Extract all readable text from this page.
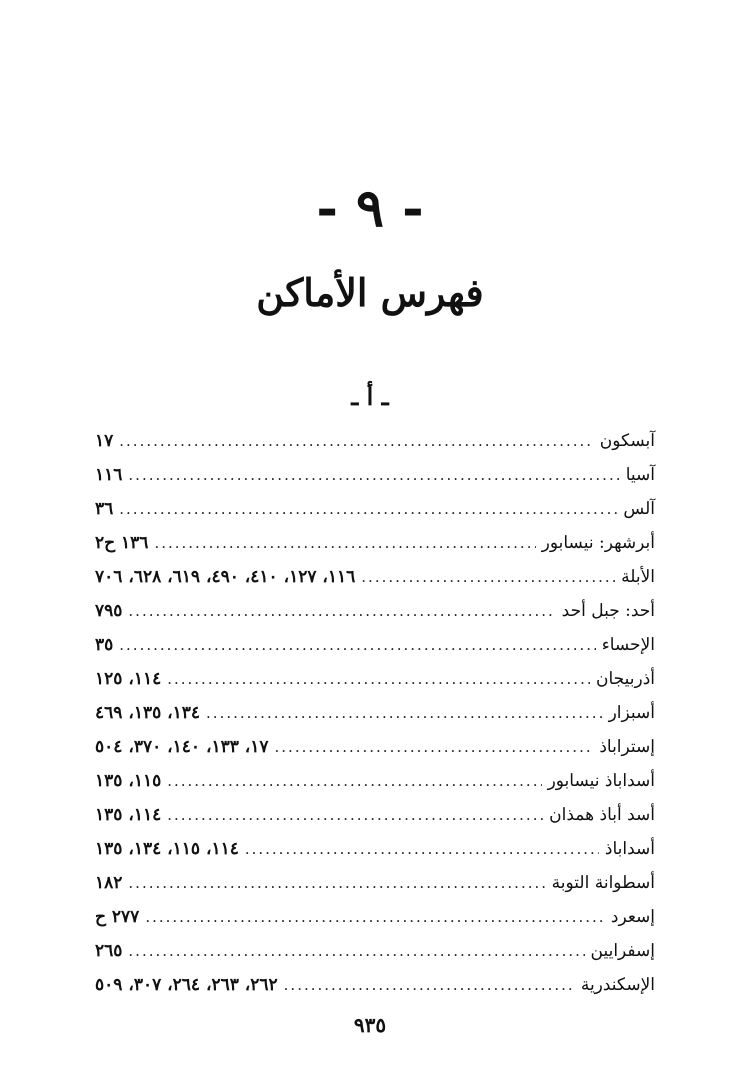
- ٩ -
فهرس الأماكن
ـ أ ـ
آبسكون
.....
١٧
آسيا
.....
١١٦
آلس
.....
٣٦
أبرشهر: نيسابور
.....
١٣٦ ح٢
الأبلة
.....
١١٦، ١٢٧، ٤١٠، ٤٩٠، ٦١٩، ٦٢٨، ٧٠٦
أحد: جبل أحد
.....
٧٩٥
الإحساء
.....
٣٥
أذربيجان
.....
١١٤، ١٢٥
أسبزار
.....
١٣٤، ١٣٥، ٤٦٩
إستراباذ
.....
١٧، ١٣٣، ١٤٠، ٣٧٠، ٥٠٤
أسداباذ نيسابور
.....
١١٥، ١٣٥
أسد أباذ همذان
.....
١١٤، ١٣٥
أسداباذ
.....
١١٤، ١١٥، ١٣٤، ١٣٥
أسطوانة التوبة
.....
١٨٢
إسعرد
.....
٢٧٧ ح
إسفرايين
.....
٢٦٥
الإسكندرية
.....
٢٦٢، ٢٦٣، ٢٦٤، ٣٠٧، ٥٠٩
٩٣٥
